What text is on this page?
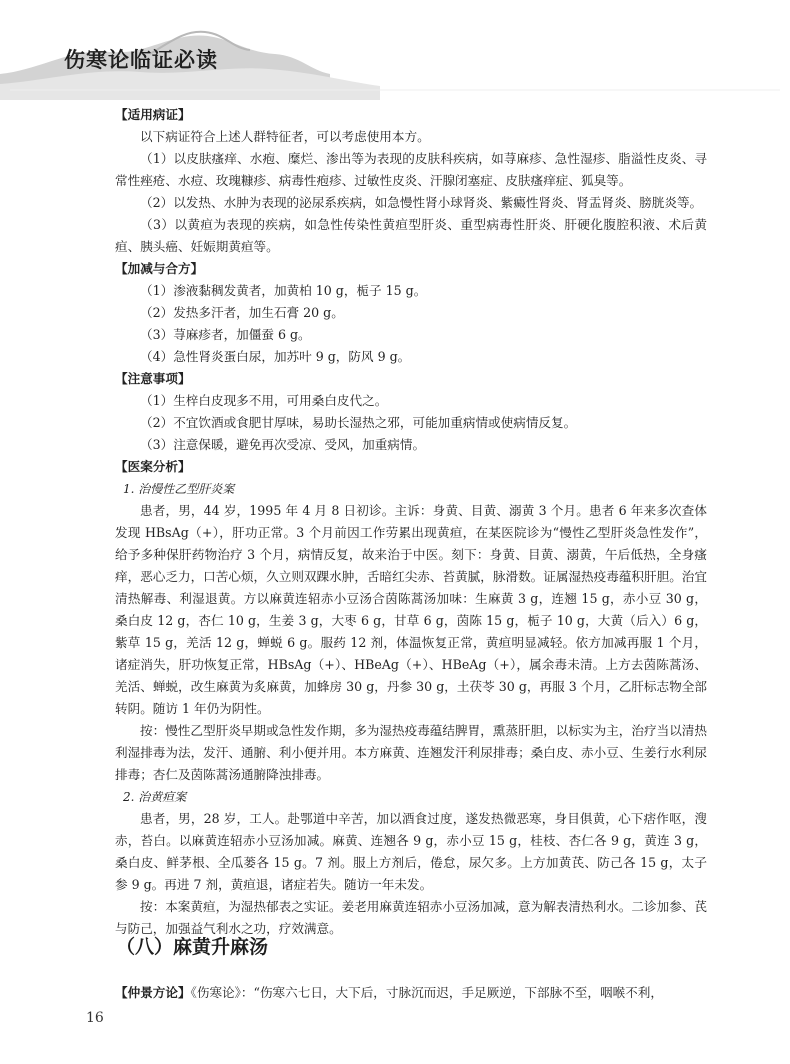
伤寒论临证必读

【适用病证】

以下病证符合上述人群特征者，可以考虑使用本方。

（1）以皮肤瘙痒、水疱、糜烂、渗出等为表现的皮肤科疾病，如荨麻疹、急性湿疹、脂溢性皮炎、寻常性痤疮、水痘、玫瑰糠疹、病毒性疱疹、过敏性皮炎、汗腺闭塞症、皮肤瘙痒症、狐臭等。

（2）以发热、水肿为表现的泌尿系疾病，如急慢性肾小球肾炎、紫癜性肾炎、肾盂肾炎、膀胱炎等。

（3）以黄疸为表现的疾病，如急性传染性黄疸型肝炎、重型病毒性肝炎、肝硬化腹腔积液、术后黄疸、胰头癌、妊娠期黄疸等。

【加减与合方】

（1）渗液黏稠发黄者，加黄柏 10 g，栀子 15 g。

（2）发热多汗者，加生石膏 20 g。

（3）荨麻疹者，加僵蚕 6 g。

（4）急性肾炎蛋白尿，加苏叶 9 g，防风 9 g。

【注意事项】

（1）生梓白皮现多不用，可用桑白皮代之。

（2）不宜饮酒或食肥甘厚味，易助长湿热之邪，可能加重病情或使病情反复。

（3）注意保暖，避免再次受凉、受风，加重病情。

【医案分析】

1. 治慢性乙型肝炎案

患者，男，44 岁，1995 年 4 月 8 日初诊。主诉：身黄、目黄、溺黄 3 个月。患者 6 年来多次查体发现 HBsAg（+），肝功正常。3 个月前因工作劳累出现黄疸，在某医院诊为“慢性乙型肝炎急性发作”，给予多种保肝药物治疗 3 个月，病情反复，故来治于中医。刻下：身黄、目黄、溺黄，午后低热，全身瘙痒，恶心乏力，口苦心烦，久立则双踝水肿，舌暗红尖赤、苔黄腻，脉滑数。证属湿热疫毒蕴积肝胆。治宜清热解毒、利湿退黄。方以麻黄连轺赤小豆汤合茵陈蒿汤加味：生麻黄 3 g，连翘 15 g，赤小豆 30 g，桑白皮 12 g，杏仁 10 g，生姜 3 g，大枣 6 g，甘草 6 g，茵陈 15 g，栀子 10 g，大黄（后入）6 g，紫草 15 g，羌活 12 g，蝉蜕 6 g。服药 12 剂，体温恢复正常，黄疸明显减轻。依方加减再服 1 个月，诸症消失，肝功恢复正常，HBsAg（+）、HBeAg（+）、HBeAg（+），属余毒未清。上方去茵陈蒿汤、羌活、蝉蜕，改生麻黄为炙麻黄，加蜂房 30 g，丹参 30 g，土茯苓 30 g，再服 3 个月，乙肝标志物全部转阴。随访 1 年仍为阴性。

按：慢性乙型肝炎早期或急性发作期，多为湿热疫毒蕴结脾胃，熏蒸肝胆，以标实为主，治疗当以清热利湿排毒为法，发汗、通腑、利小便并用。本方麻黄、连翘发汗利尿排毒；桑白皮、赤小豆、生姜行水利尿排毒；杏仁及茵陈蒿汤通腑降浊排毒。

2. 治黄疸案

患者，男，28 岁，工人。赴鄂道中辛苦，加以酒食过度，遂发热微恶寒，身目俱黄，心下痞作呕，溲赤，苔白。以麻黄连轺赤小豆汤加减。麻黄、连翘各 9 g，赤小豆 15 g，桂枝、杏仁各 9 g，黄连 3 g，桑白皮、鲜茅根、全瓜蒌各 15 g。7 剂。服上方剂后，倦怠，尿欠多。上方加黄芪、防己各 15 g，太子参 9 g。再进 7 剂，黄疸退，诸症若失。随访一年未发。

按：本案黄疸，为湿热郁表之实证。姜老用麻黄连轺赤小豆汤加减，意为解表清热利水。二诊加参、芪与防己，加强益气利水之功，疗效满意。

（八）麻黄升麻汤
【仲景方论】《伤寒论》：“伤寒六七日，大下后，寸脉沉而迟，手足厥逆，下部脉不至，咽喉不利，
16
